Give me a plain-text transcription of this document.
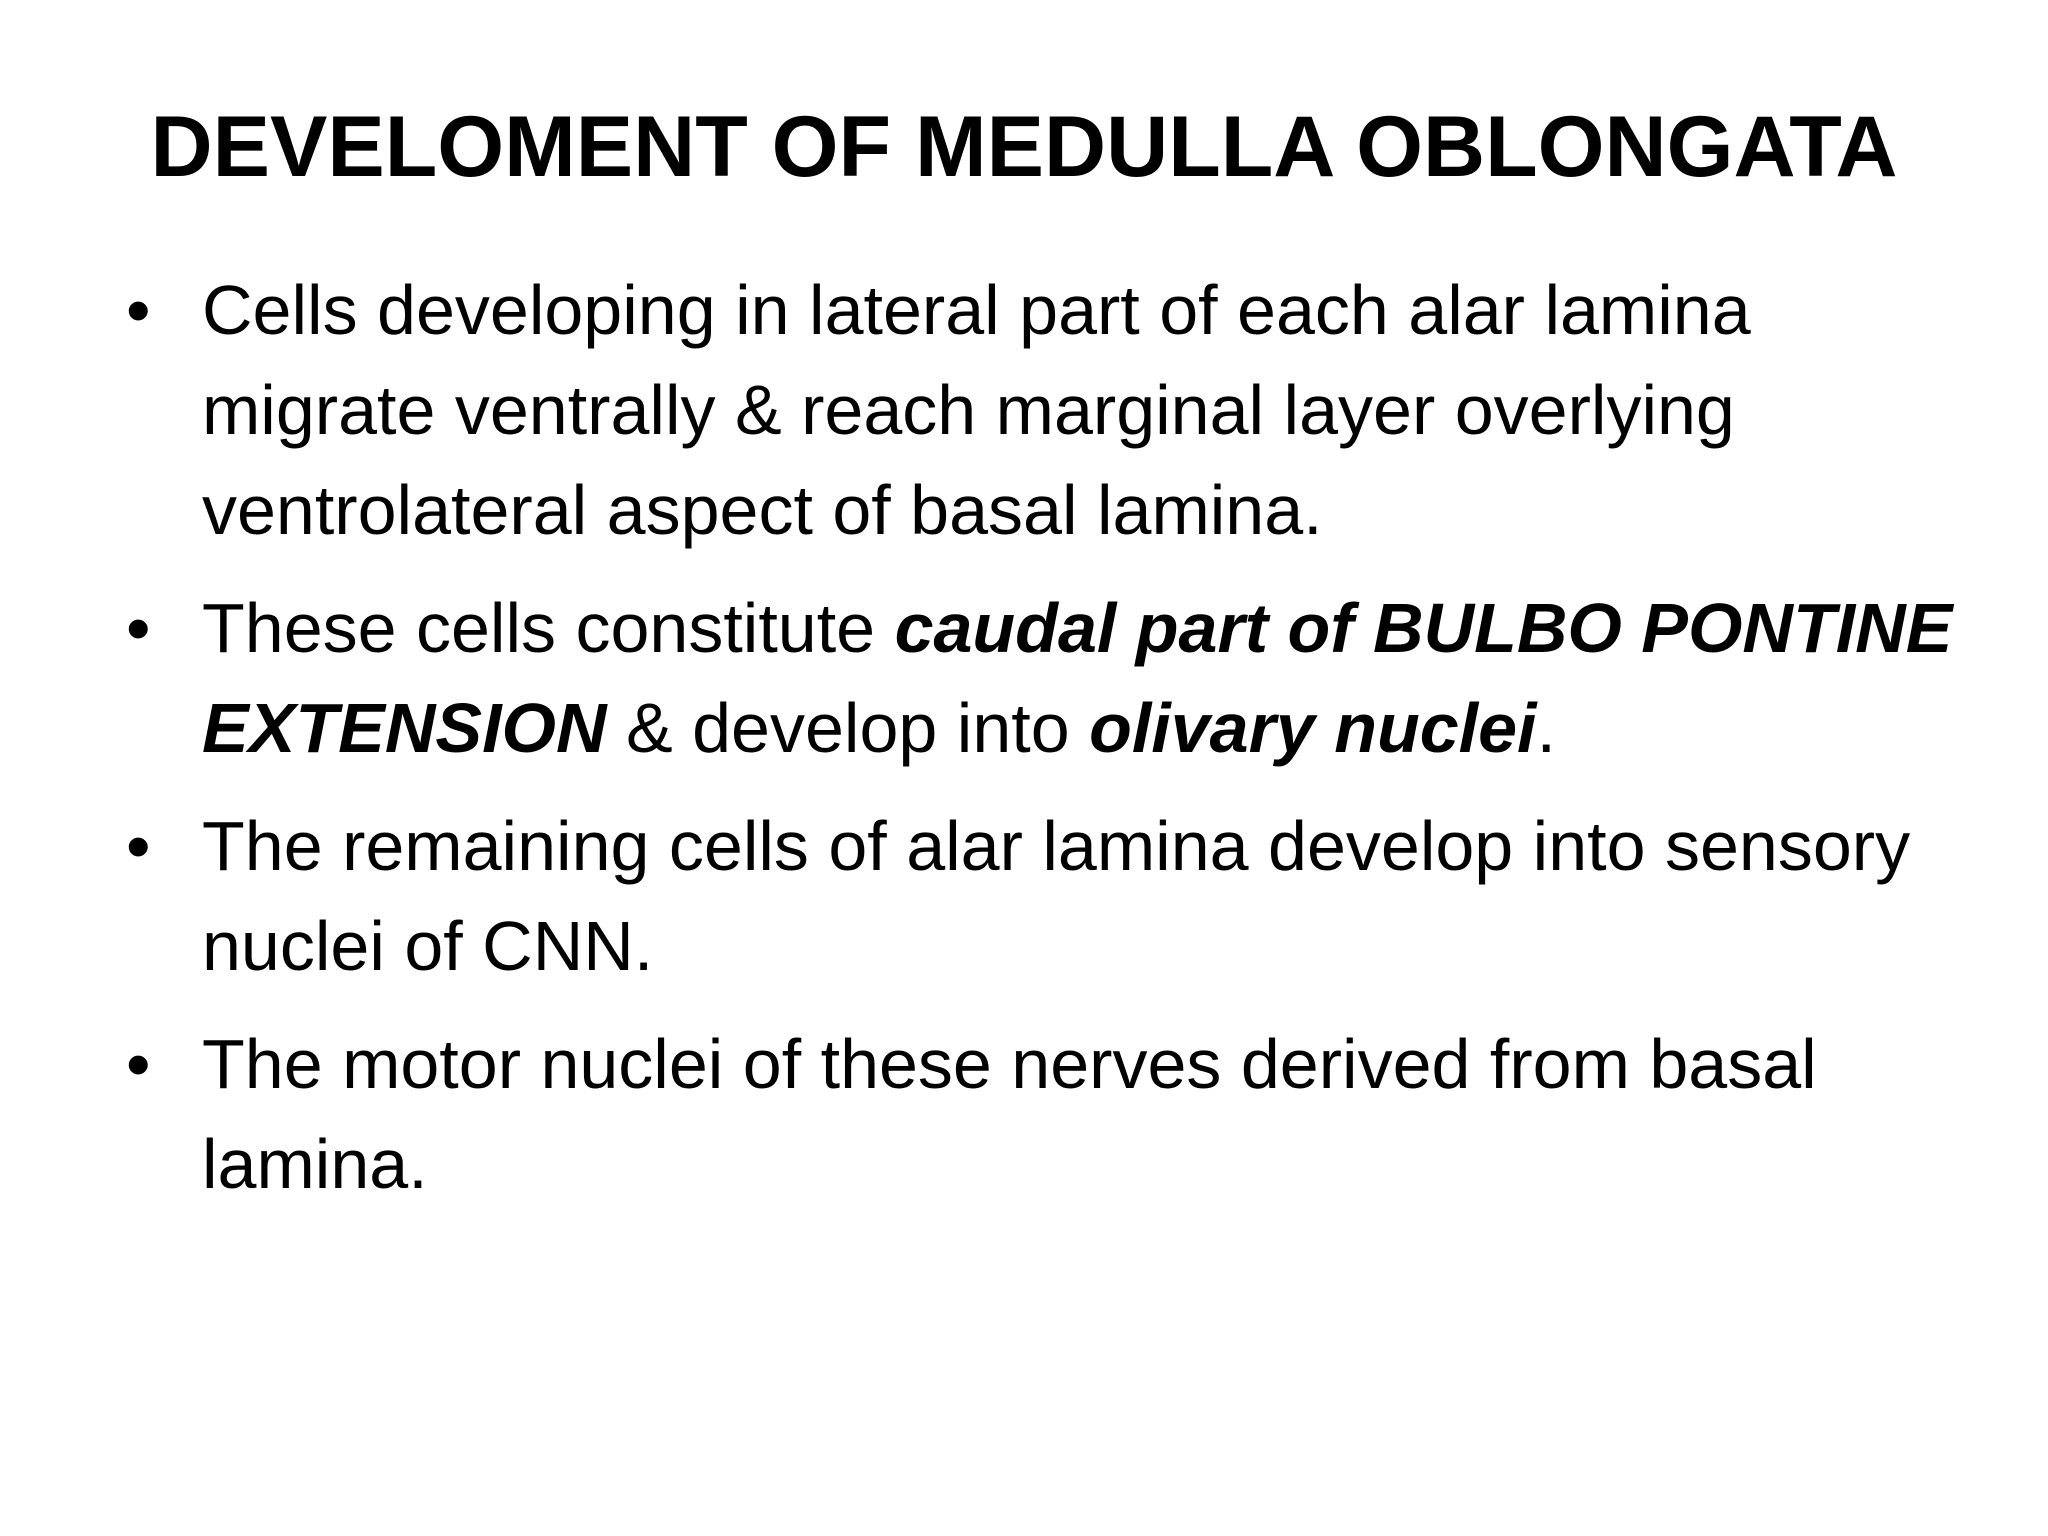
DEVELOMENT OF MEDULLA OBLONGATA
• Cells developing in lateral part of each alar lamina migrate ventrally & reach marginal layer overlying ventrolateral aspect of basal lamina.
• These cells constitute caudal part of BULBO PONTINE EXTENSION & develop into olivary nuclei.
• The remaining cells of alar lamina develop into sensory nuclei of CNN.
• The motor nuclei of these nerves derived from basal lamina.
